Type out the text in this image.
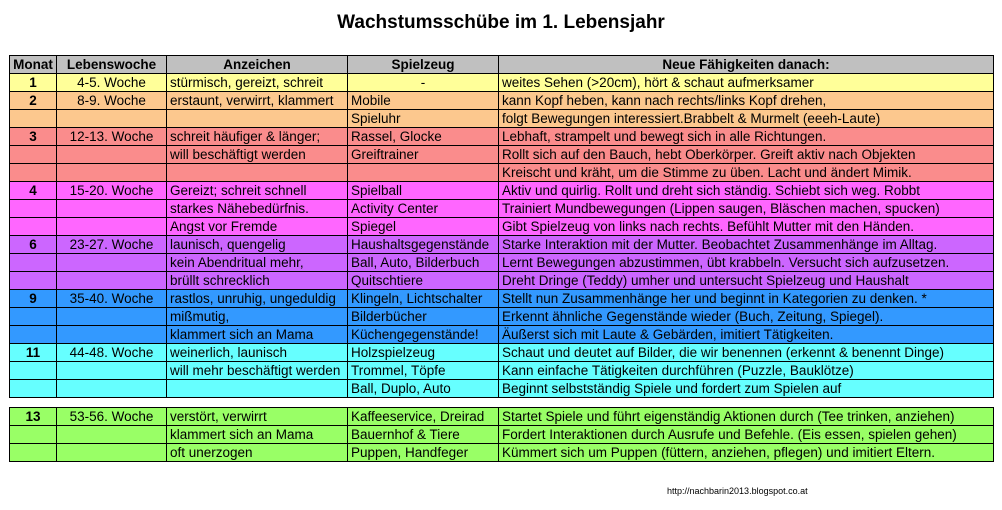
Wachstumsschübe im 1. Lebensjahr
Monat	Lebenswoche	Anzeichen	Spielzeug	Neue Fähigkeiten danach:
1	4-5. Woche	stürmisch, gereizt, schreit	-	weites Sehen (>20cm), hört & schaut aufmerksamer
2	8-9. Woche	erstaunt, verwirrt, klammert	Mobile	kann Kopf heben, kann nach rechts/links Kopf drehen,
			Spieluhr	folgt Bewegungen interessiert.Brabbelt & Murmelt (eeeh-Laute)
3	12-13. Woche	schreit häufiger & länger;	Rassel, Glocke	Lebhaft, strampelt und bewegt sich in alle Richtungen.
		will beschäftigt werden	Greiftrainer	Rollt sich auf den Bauch, hebt Oberkörper. Greift aktiv nach Objekten
				Kreischt und kräht, um die Stimme zu üben. Lacht und ändert Mimik.
4	15-20. Woche	Gereizt; schreit schnell	Spielball	Aktiv und quirlig. Rollt und dreht sich ständig. Schiebt sich weg. Robbt
		starkes Nähebedürfnis.	Activity Center	Trainiert Mundbewegungen (Lippen saugen, Bläschen machen, spucken)
		Angst vor Fremde	Spiegel	Gibt Spielzeug von links nach rechts. Befühlt Mutter mit den Händen.
6	23-27. Woche	launisch, quengelig	Haushaltsgegenstände	Starke Interaktion mit der Mutter. Beobachtet Zusammenhänge im Alltag.
		kein Abendritual mehr,	Ball, Auto, Bilderbuch	Lernt Bewegungen abzustimmen, übt krabbeln. Versucht sich aufzusetzen.
		brüllt schrecklich	Quitschtiere	Dreht Dringe (Teddy) umher und untersucht Spielzeug und Haushalt
9	35-40. Woche	rastlos, unruhig, ungeduldig	Klingeln, Lichtschalter	Stellt nun Zusammenhänge her und beginnt in Kategorien zu denken. *
		mißmutig,	Bilderbücher	Erkennt ähnliche Gegenstände wieder (Buch, Zeitung, Spiegel).
		klammert sich an Mama	Küchengegenstände!	Äußerst sich mit Laute & Gebärden, imitiert Tätigkeiten.
11	44-48. Woche	weinerlich, launisch	Holzspielzeug	Schaut und deutet auf Bilder, die wir benennen (erkennt & benennt Dinge)
		will mehr beschäftigt werden	Trommel, Töpfe	Kann einfache Tätigkeiten durchführen (Puzzle, Bauklötze)
			Ball, Duplo, Auto	Beginnt selbstständig Spiele und fordert zum Spielen auf

13	53-56. Woche	verstört, verwirrt	Kaffeeservice, Dreirad	Startet Spiele und führt eigenständig Aktionen durch (Tee trinken, anziehen)
		klammert sich an Mama	Bauernhof & Tiere	Fordert Interaktionen durch Ausrufe und Befehle. (Eis essen, spielen gehen)
		oft unerzogen	Puppen, Handfeger	Kümmert sich um Puppen (füttern, anziehen, pflegen) und imitiert Eltern.
http://nachbarin2013.blogspot.co.at
